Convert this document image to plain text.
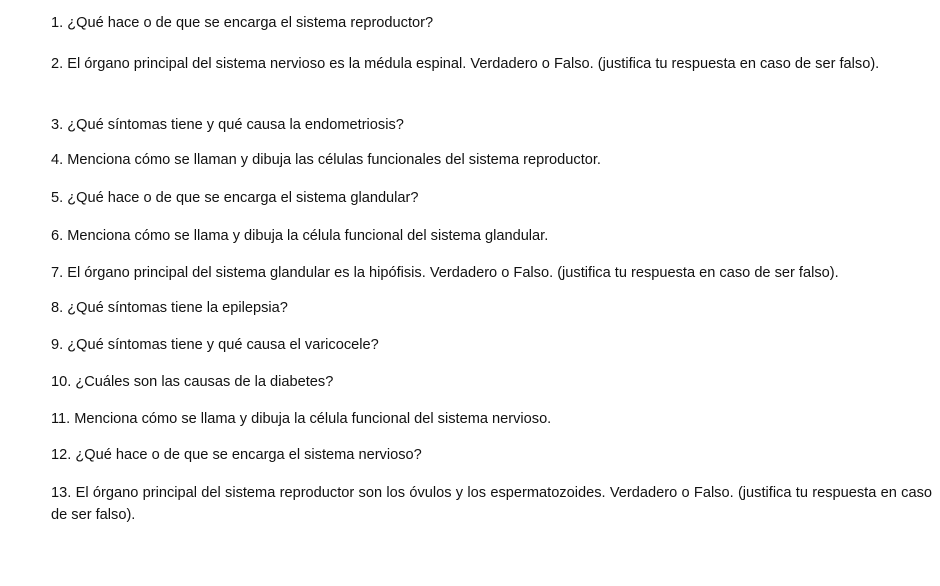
1. ¿Qué hace o de que se encarga el sistema reproductor?
2. El órgano principal del sistema nervioso es la médula espinal. Verdadero o Falso. (justifica tu respuesta en caso de ser falso).
3. ¿Qué síntomas tiene y qué causa la endometriosis?
4. Menciona cómo se llaman y dibuja las células funcionales del sistema reproductor.
5. ¿Qué hace o de que se encarga el sistema glandular?
6. Menciona cómo se llama y dibuja la célula funcional del sistema glandular.
7. El órgano principal del sistema glandular es la hipófisis. Verdadero o Falso. (justifica tu respuesta en caso de ser falso).
8. ¿Qué síntomas tiene la epilepsia?
9. ¿Qué síntomas tiene y qué causa el varicocele?
10. ¿Cuáles son las causas de la diabetes?
11. Menciona cómo se llama y dibuja la célula funcional del sistema nervioso.
12. ¿Qué hace o de que se encarga el sistema nervioso?
13. El órgano principal del sistema reproductor son los óvulos y los espermatozoides. Verdadero o Falso. (justifica tu respuesta en caso de ser falso).
